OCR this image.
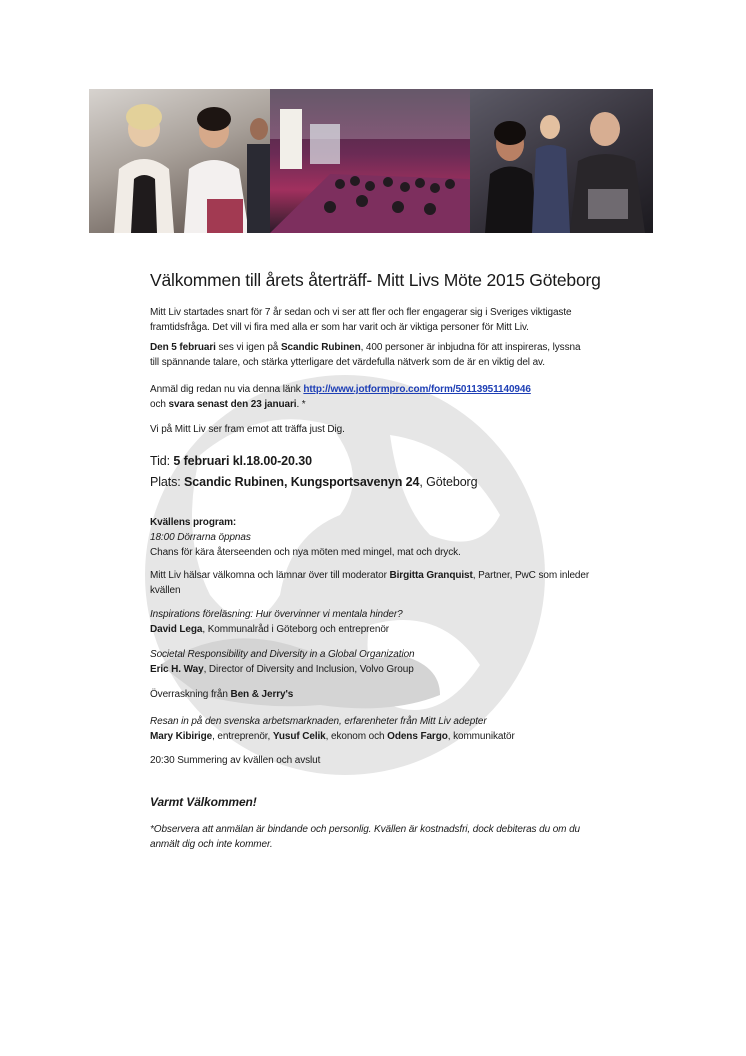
Välkommen till årets återträff- Mitt Livs Möte 2015 Göteborg

Mitt Liv startades snart för 7 år sedan och vi ser att fler och fler engagerar sig i Sveriges viktigaste framtidsfråga. Det vill vi fira med alla er som har varit och är viktiga personer för Mitt Liv.

Den 5 februari ses vi igen på Scandic Rubinen, 400 personer är inbjudna för att inspireras, lyssna till spännande talare, och stärka ytterligare det värdefulla nätverk som de är en viktig del av.

Anmäl dig redan nu via denna länk http://www.jotformpro.com/form/50113951140946
och svara senast den 23 januari. *

Vi på Mitt Liv ser fram emot att träffa just Dig.

Tid: 5 februari kl.18.00-20.30
Plats: Scandic Rubinen, Kungsportsavenyn 24, Göteborg

Kvällens program:
18:00 Dörrarna öppnas
Chans för kära återseenden och nya möten med mingel, mat och dryck.

Mitt Liv hälsar välkomna och lämnar över till moderator Birgitta Granquist, Partner, PwC som inleder kvällen

Inspirations föreläsning: Hur övervinner vi mentala hinder?
David Lega, Kommunalråd i Göteborg och entreprenör

Societal Responsibility and Diversity in a Global Organization
Eric H. Way, Director of Diversity and Inclusion, Volvo Group

Överraskning från Ben & Jerry's

Resan in på den svenska arbetsmarknaden, erfarenheter från Mitt Liv adepter
Mary Kibirige, entreprenör, Yusuf Celik, ekonom och Odens Fargo, kommunikatör

20:30 Summering av kvällen och avslut

Varmt Välkommen!

*Observera att anmälan är bindande och personlig. Kvällen är kostnadsfri, dock debiteras du om du anmält dig och inte kommer.
